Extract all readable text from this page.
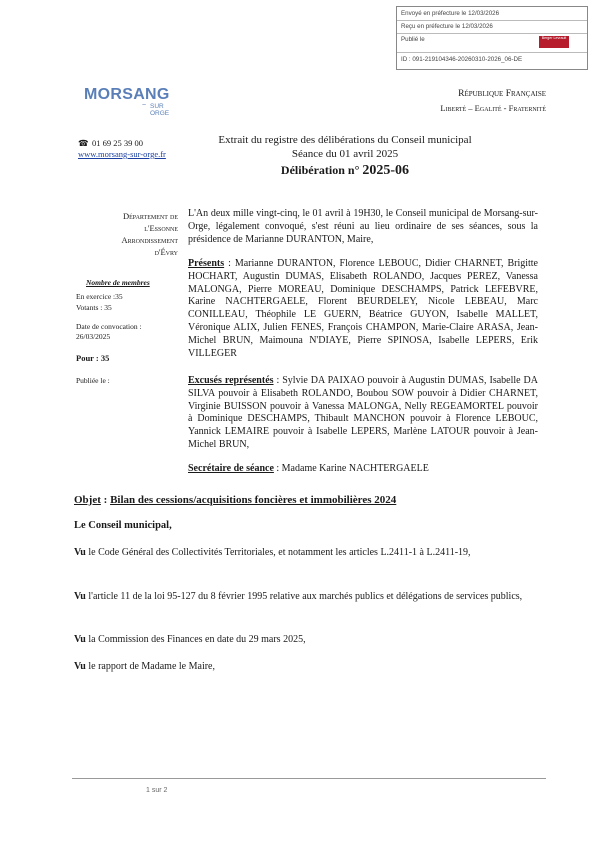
Envoyé en préfecture le 12/03/2026
Reçu en préfecture le 12/03/2026
Publié le	Berger Levrault
ID : 091-219104346-20260310-2026_06-DE
MORSANG
~ SUR
ORGE
République Française
Liberté – Egalité - Fraternité
☎ 01 69 25 39 00
www.morsang-sur-orge.fr
Extrait du registre des délibérations du Conseil municipal
Séance du 01 avril 2025
Délibération n° 2025-06
Département de
l'Essonne
Arrondissement
d'Évry
Nombre de membres
En exercice :35
Votants : 35
Date de convocation :
26/03/2025
Pour : 35
Publiée le :
L'An deux mille vingt-cinq, le 01 avril à 19H30, le Conseil municipal de Morsang-sur-Orge, légalement convoqué, s'est réuni au lieu ordinaire de ses séances, sous la présidence de Marianne DURANTON, Maire,
Présents : Marianne DURANTON, Florence LEBOUC, Didier CHARNET, Brigitte HOCHART, Augustin DUMAS, Elisabeth ROLANDO, Jacques PEREZ, Vanessa MALONGA, Pierre MOREAU, Dominique DESCHAMPS, Patrick LEFEBVRE, Karine NACHTERGAELE, Florent BEURDELEY, Nicole LEBEAU, Marc CONILLEAU, Théophile LE GUERN, Béatrice GUYON, Isabelle MALLET, Véronique ALIX, Julien FENES, François CHAMPON, Marie-Claire ARASA, Jean-Michel BRUN, Maimouna N'DIAYE, Pierre SPINOSA, Isabelle LEPERS, Erik VILLEGER
Excusés représentés : Sylvie DA PAIXAO pouvoir à Augustin DUMAS, Isabelle DA SILVA pouvoir à Elisabeth ROLANDO, Boubou SOW pouvoir à Didier CHARNET, Virginie BUISSON pouvoir à Vanessa MALONGA, Nelly REGEAMORTEL pouvoir à Dominique DESCHAMPS, Thibault MANCHON pouvoir à Florence LEBOUC, Yannick LEMAIRE pouvoir à Isabelle LEPERS, Marlène LATOUR pouvoir à Jean-Michel BRUN,
Secrétaire de séance : Madame Karine NACHTERGAELE
Objet : Bilan des cessions/acquisitions foncières et immobilières 2024
Le Conseil municipal,
Vu le Code Général des Collectivités Territoriales, et notamment les articles L.2411-1 à L.2411-19,
Vu l'article 11 de la loi 95-127 du 8 février 1995 relative aux marchés publics et délégations de services publics,
Vu la Commission des Finances en date du 29 mars 2025,
Vu le rapport de Madame le Maire,
1 sur 2
